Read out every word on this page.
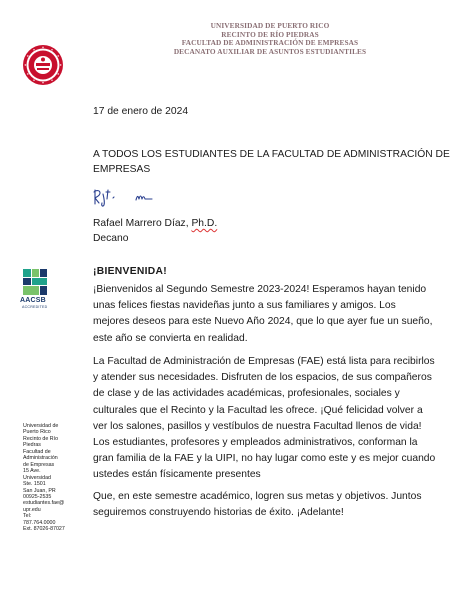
UNIVERSIDAD DE PUERTO RICO
RECINTO DE RÍO PIEDRAS
FACULTAD DE ADMINISTRACIÓN DE EMPRESAS
DECANATO AUXILIAR DE ASUNTOS ESTUDIANTILES
17 de enero de 2024
A TODOS LOS ESTUDIANTES DE LA FACULTAD DE ADMINISTRACIÓN DE
EMPRESAS
Rafael Marrero Díaz, Ph.D.
Decano
AACSB
ACCREDITED
¡BIENVENIDA!
¡Bienvenidos al Segundo Semestre 2023-2024! Esperamos hayan tenido
unas felices fiestas navideñas junto a sus familiares y amigos. Los
mejores deseos para este Nuevo Año 2024, que lo que ayer fue un sueño,
este año se convierta en realidad.
La Facultad de Administración de Empresas (FAE) está lista para recibirlos
y atender sus necesidades. Disfruten de los espacios, de sus compañeros
de clase y de las actividades académicas, profesionales, sociales y
culturales que el Recinto y la Facultad les ofrece. ¡Qué felicidad volver a
ver los salones, pasillos y vestíbulos de nuestra Facultad llenos de vida!
Los estudiantes, profesores y empleados administrativos, conforman la
gran familia de la FAE y la UIPI, no hay lugar como este y es mejor cuando
ustedes están físicamente presentes
Que, en este semestre académico, logren sus metas y objetivos. Juntos
seguiremos construyendo historias de éxito. ¡Adelante!
Universidad de
Puerto Rico
Recinto de Río
Piedras
Facultad de
Administración
de Empresas
15 Ave.
Universidad
Ste. 1501
San Juan, PR
00925-2535
estudiantes.fae@
upr.edu
Tel:
787.764.0000
Ext. 87026-87027
